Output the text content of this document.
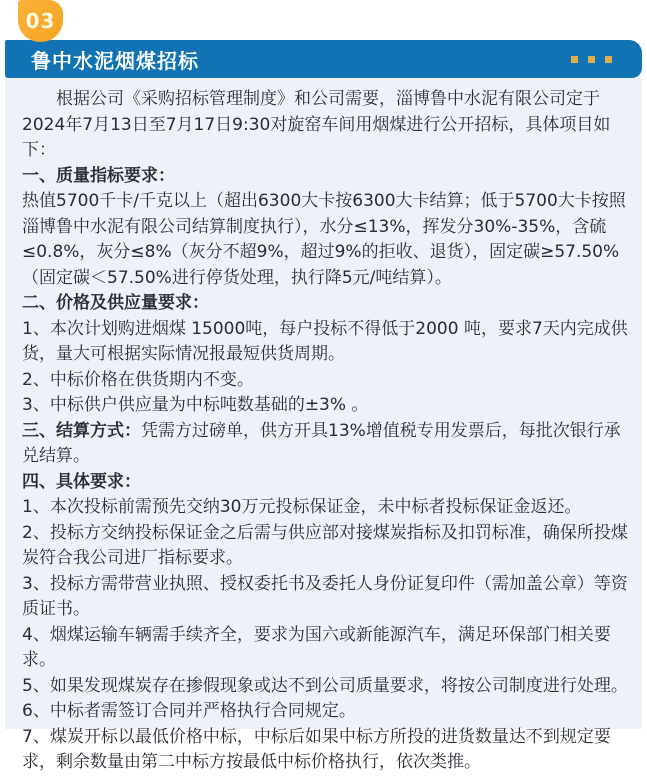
03
鲁中水泥烟煤招标

根据公司《采购招标管理制度》和公司需要，淄博鲁中水泥有限公司定于2024年7月13日至7月17日9:30对旋窑车间用烟煤进行公开招标，具体项目如下：

一、质量指标要求：

热值5700千卡/千克以上（超出6300大卡按6300大卡结算；低于5700大卡按照淄博鲁中水泥有限公司结算制度执行），水分≤13%，挥发分30%-35%，含硫≤0.8%，灰分≤8%（灰分不超9%，超过9%的拒收、退货），固定碳≥57.50%（固定碳＜57.50%进行停货处理，执行降5元/吨结算）。

二、价格及供应量要求：

1、本次计划购进烟煤 15000吨，每户投标不得低于2000 吨，要求7天内完成供货，量大可根据实际情况报最短供货周期。

2、中标价格在供货期内不变。

3、中标供户供应量为中标吨数基础的±3% 。

三、结算方式：凭需方过磅单，供方开具13%增值税专用发票后，每批次银行承兑结算。

四、具体要求：

1、本次投标前需预先交纳30万元投标保证金，未中标者投标保证金返还。

2、投标方交纳投标保证金之后需与供应部对接煤炭指标及扣罚标准，确保所投煤炭符合我公司进厂指标要求。

3、投标方需带营业执照、授权委托书及委托人身份证复印件（需加盖公章）等资质证书。

4、烟煤运输车辆需手续齐全，要求为国六或新能源汽车，满足环保部门相关要求。

5、如果发现煤炭存在掺假现象或达不到公司质量要求，将按公司制度进行处理。

6、中标者需签订合同并严格执行合同规定。

7、煤炭开标以最低价格中标，中标后如果中标方所投的进货数量达不到规定要求，剩余数量由第二中标方按最低中标价格执行，依次类推。
